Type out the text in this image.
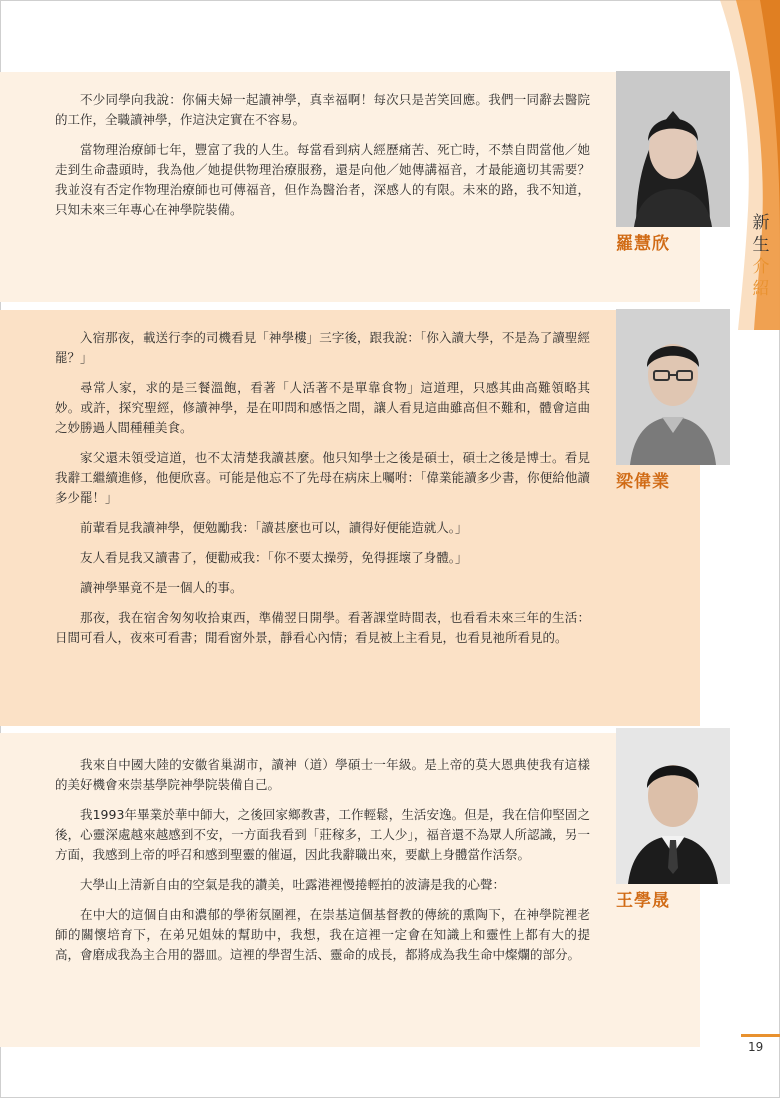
不少同學向我說：你倆夫婦一起讀神學，真幸福啊！每次只是苦笑回應。我們一同辭去醫院的工作，全職讀神學，作這決定實在不容易。

當物理治療師七年，豐富了我的人生。每當看到病人經歷痛苦、死亡時，不禁自問當他／她走到生命盡頭時，我為他／她提供物理治療服務，還是向他／她傳講福音，才最能適切其需要？我並沒有否定作物理治療師也可傳福音，但作為醫治者，深感人的有限。未來的路，我不知道，只知未來三年專心在神學院裝備。

羅慧欣

入宿那夜，載送行李的司機看見「神學樓」三字後，跟我說：「你入讀大學，不是為了讀聖經罷？」

尋常人家，求的是三餐溫飽，看著「人活著不是單靠食物」這道理，只感其曲高難領略其妙。或許，探究聖經，修讀神學，是在叩問和感悟之間，讓人看見這曲雖高但不難和，體會這曲之妙勝過人間種種美食。

家父還未領受這道，也不太清楚我讀甚麼。他只知學士之後是碩士，碩士之後是博士。看見我辭工繼續進修，他便欣喜。可能是他忘不了先母在病床上囑咐：「偉業能讀多少書，你便給他讀多少罷！」

前輩看見我讀神學，便勉勵我：「讀甚麼也可以，讀得好便能造就人。」

友人看見我又讀書了，便勸戒我：「你不要太操勞，免得捱壞了身體。」

讀神學畢竟不是一個人的事。

那夜，我在宿舍匆匆收拾東西，準備翌日開學。看著課堂時間表，也看看未來三年的生活：日間可看人，夜來可看書；閒看窗外景，靜看心內情；看見被上主看見，也看見祂所看見的。

梁偉業

我來自中國大陸的安徽省巢湖市，讀神（道）學碩士一年級。是上帝的莫大恩典使我有這樣的美好機會來崇基學院神學院裝備自己。

我1993年畢業於華中師大，之後回家鄉教書，工作輕鬆，生活安逸。但是，我在信仰堅固之後，心靈深處越來越感到不安，一方面我看到「莊稼多，工人少」，福音還不為眾人所認識，另一方面，我感到上帝的呼召和感到聖靈的催逼，因此我辭職出來，要獻上身體當作活祭。

大學山上清新自由的空氣是我的讚美，吐露港裡慢捲輕拍的波濤是我的心聲：

在中大的這個自由和濃郁的學術氛圍裡，在崇基這個基督教的傳統的熏陶下，在神學院裡老師的關懷培育下，在弟兄姐妹的幫助中，我想，我在這裡一定會在知識上和靈性上都有大的提高，會磨成我為主合用的器皿。這裡的學習生活、靈命的成長，都將成為我生命中燦爛的部分。

王學晟
新
生
介
紹
19
